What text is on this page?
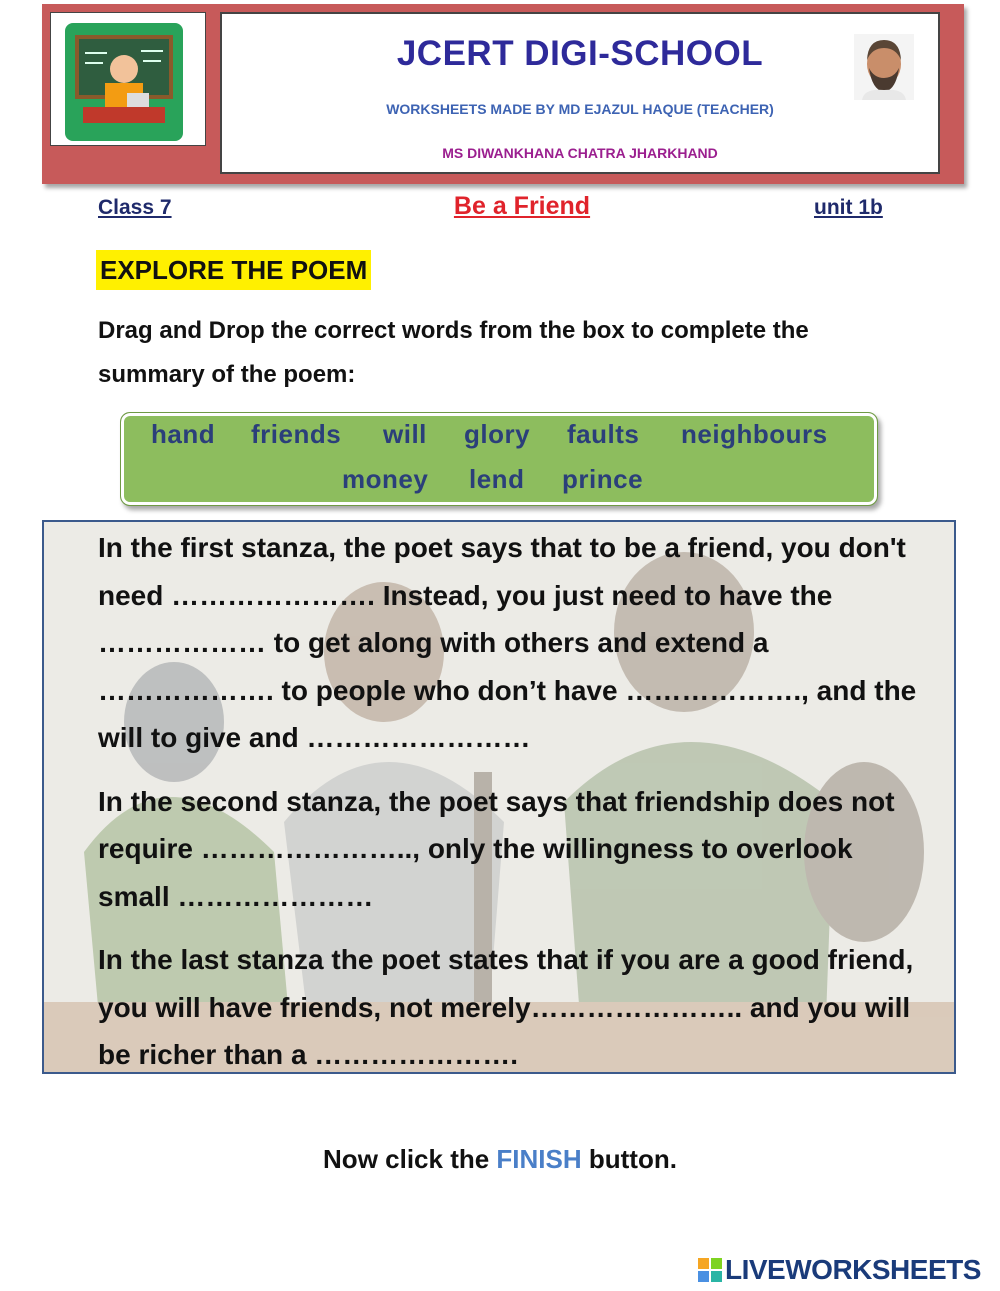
JCERT DIGI-SCHOOL
WORKSHEETS MADE BY MD EJAZUL HAQUE (TEACHER)
MS DIWANKHANA CHATRA JHARKHAND
Class 7	Be a Friend	unit 1b
EXPLORE THE POEM
Drag and Drop the correct words from the box to complete the summary of the poem:
hand friends will glory faults neighbours
money lend prince

In the first stanza, the poet says that to be a friend, you don't need …………………. Instead, you just need to have the ……………… to get along with others and extend a ………………. to people who don’t have ………………., and the will to give and ……………………

In the second stanza, the poet says that friendship does not require ………………….., only the willingness to overlook small …………………

In the last stanza the poet states that if you are a good friend, you will have friends, not merely………………….. and you will be richer than a ………………….

Now click the FINISH button.
LIVEWORKSHEETS
